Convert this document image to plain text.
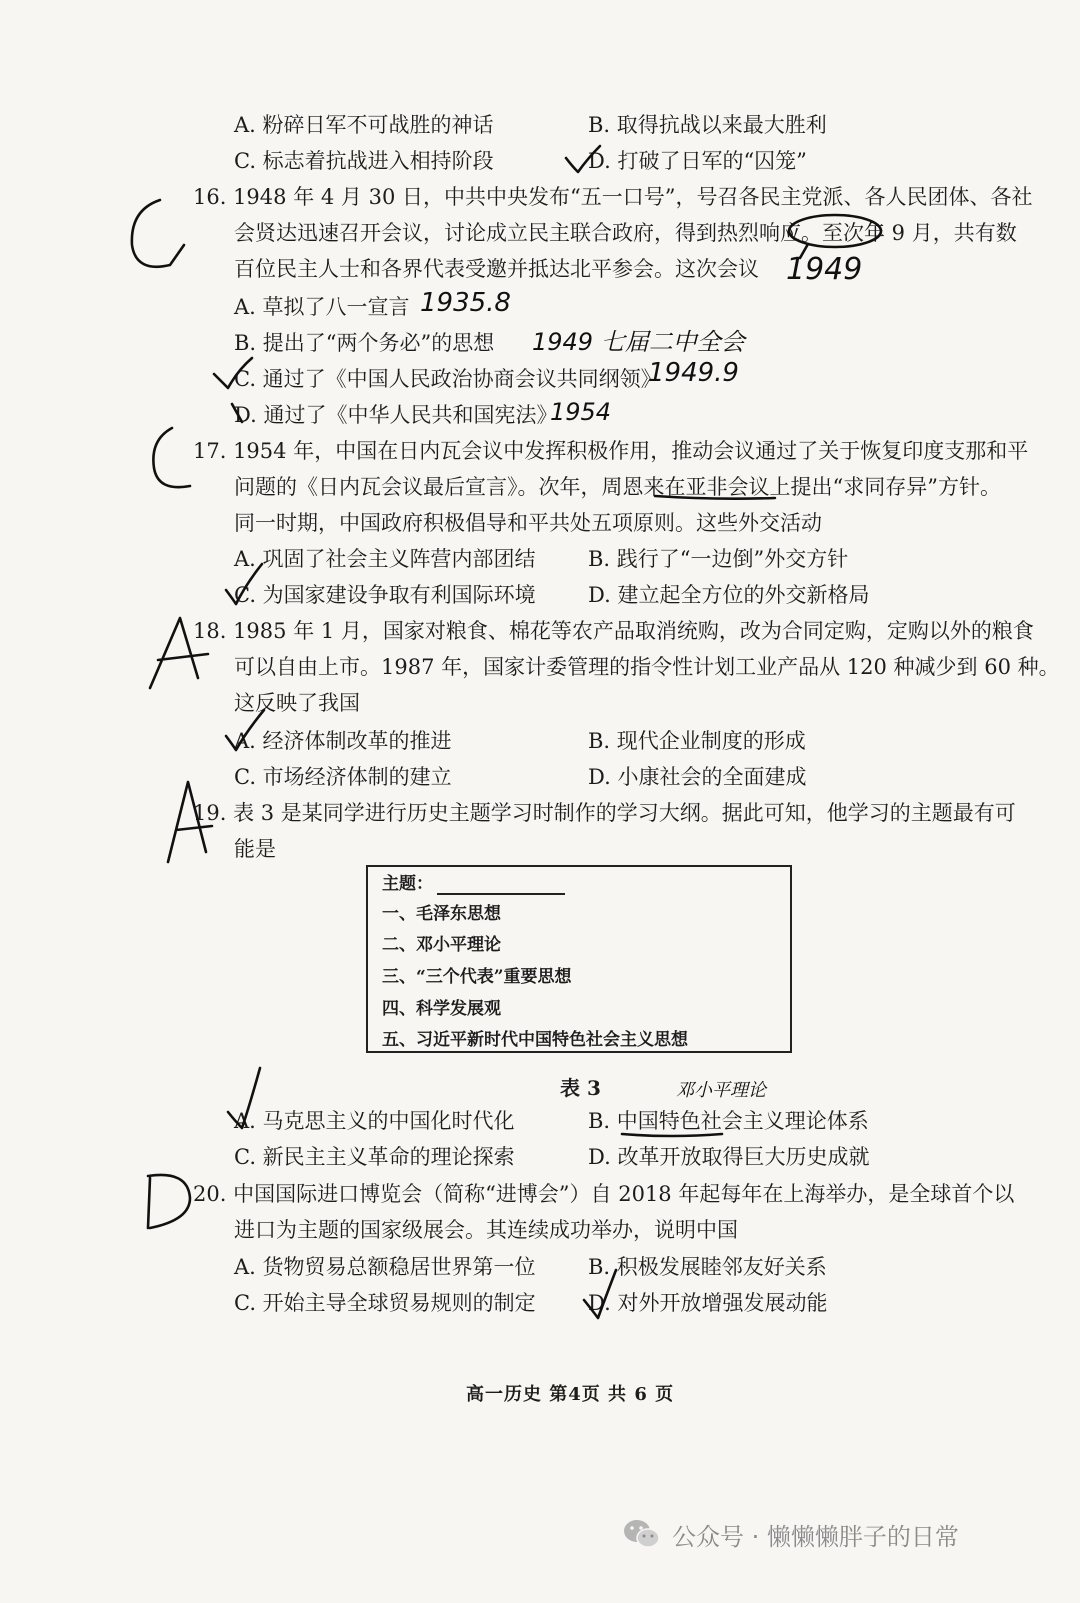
A. 粉碎日军不可战胜的神话	B. 取得抗战以来最大胜利
C. 标志着抗战进入相持阶段	D. 打破了日军的“囚笼”
16. 1948 年 4 月 30 日，中共中央发布“五一口号”，号召各民主党派、各人民团体、各社
会贤达迅速召开会议，讨论成立民主联合政府，得到热烈响应。至次年 9 月，共有数
百位民主人士和各界代表受邀并抵达北平参会。这次会议
A. 草拟了八一宣言
B. 提出了“两个务必”的思想
C. 通过了《中国人民政治协商会议共同纲领》
D. 通过了《中华人民共和国宪法》
17. 1954 年，中国在日内瓦会议中发挥积极作用，推动会议通过了关于恢复印度支那和平
问题的《日内瓦会议最后宣言》。次年，周恩来在亚非会议上提出“求同存异”方针。
同一时期，中国政府积极倡导和平共处五项原则。这些外交活动
A. 巩固了社会主义阵营内部团结 B. 践行了“一边倒”外交方针
C. 为国家建设争取有利国际环境 D. 建立起全方位的外交新格局
18. 1985 年 1 月，国家对粮食、棉花等农产品取消统购，改为合同定购，定购以外的粮食
可以自由上市。1987 年，国家计委管理的指令性计划工业产品从 120 种减少到 60 种。
这反映了我国
A. 经济体制改革的推进	B. 现代企业制度的形成
C. 市场经济体制的建立	D. 小康社会的全面建成
19. 表 3 是某同学进行历史主题学习时制作的学习大纲。据此可知，他学习的主题最有可
能是
主题：
一、毛泽东思想
二、邓小平理论
三、“三个代表”重要思想
四、科学发展观
五、习近平新时代中国特色社会主义思想
表 3
A. 马克思主义的中国化时代化	B. 中国特色社会主义理论体系
C. 新民主主义革命的理论探索	D. 改革开放取得巨大历史成就
20. 中国国际进口博览会（简称“进博会”）自 2018 年起每年在上海举办，是全球首个以
进口为主题的国家级展会。其连续成功举办，说明中国
A. 货物贸易总额稳居世界第一位 B. 积极发展睦邻友好关系
C. 开始主导全球贸易规则的制定 D. 对外开放增强发展动能
高一历史 第4页 共 6 页
公众号 · 懒懒懒胖子的日常
1949
1935.8
1949 七届二中全会
1949.9
1954
邓小平理论
